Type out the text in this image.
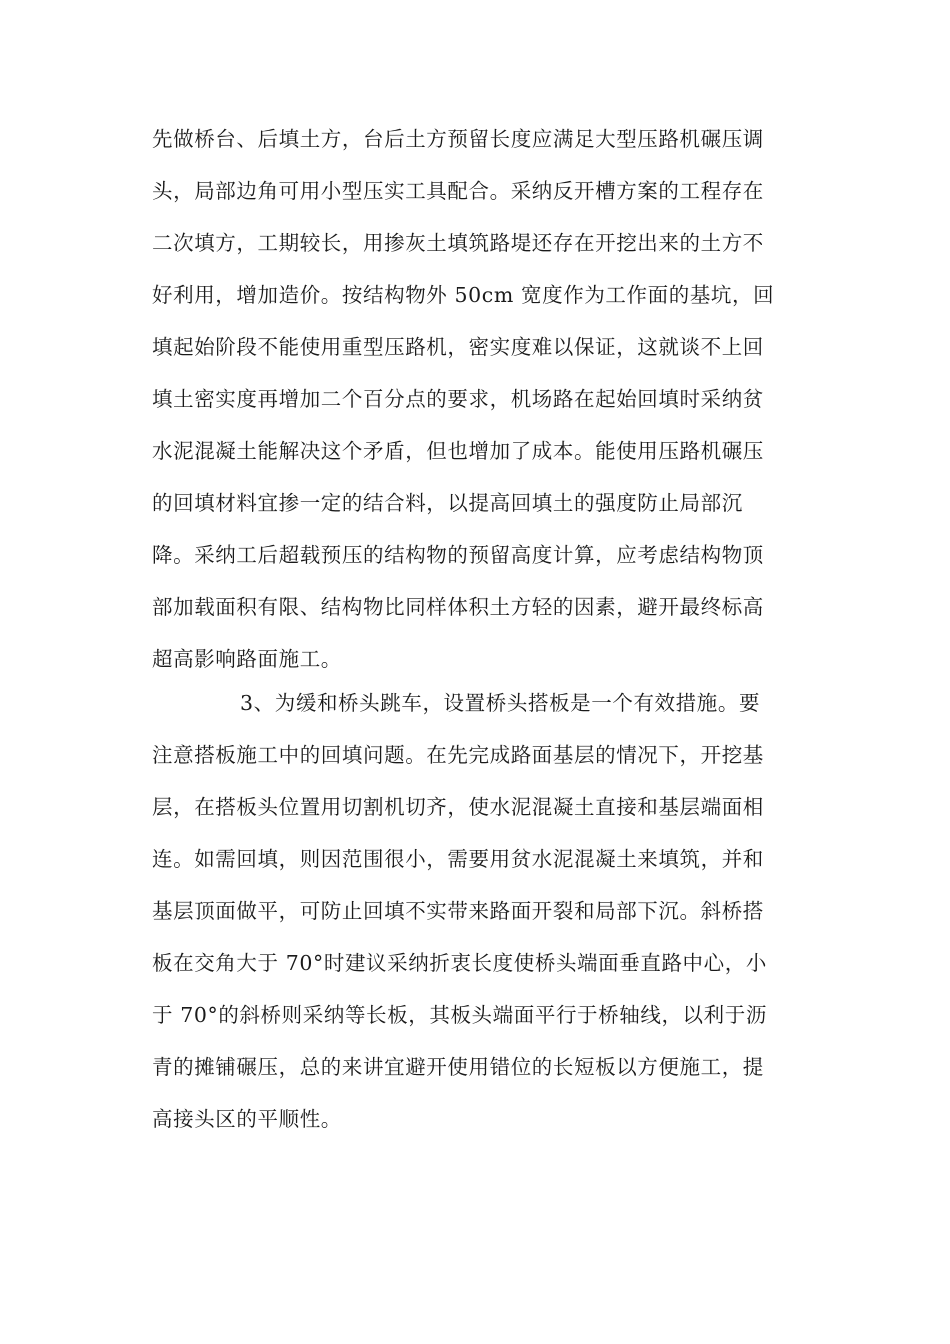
先做桥台、后填土方，台后土方预留长度应满足大型压路机碾压调
头，局部边角可用小型压实工具配合。采纳反开槽方案的工程存在
二次填方，工期较长，用掺灰土填筑路堤还存在开挖出来的土方不
好利用，增加造价。按结构物外 50cm 宽度作为工作面的基坑，回
填起始阶段不能使用重型压路机，密实度难以保证，这就谈不上回
填土密实度再增加二个百分点的要求，机场路在起始回填时采纳贫
水泥混凝土能解决这个矛盾，但也增加了成本。能使用压路机碾压
的回填材料宜掺一定的结合料，以提高回填土的强度防止局部沉
降。采纳工后超载预压的结构物的预留高度计算，应考虑结构物顶
部加载面积有限、结构物比同样体积土方轻的因素，避开最终标高
超高影响路面施工。
3、为缓和桥头跳车，设置桥头搭板是一个有效措施。要
注意搭板施工中的回填问题。在先完成路面基层的情况下，开挖基
层，在搭板头位置用切割机切齐，使水泥混凝土直接和基层端面相
连。如需回填，则因范围很小，需要用贫水泥混凝土来填筑，并和
基层顶面做平，可防止回填不实带来路面开裂和局部下沉。斜桥搭
板在交角大于 70°时建议采纳折衷长度使桥头端面垂直路中心，小
于 70°的斜桥则采纳等长板，其板头端面平行于桥轴线，以利于沥
青的摊铺碾压，总的来讲宜避开使用错位的长短板以方便施工，提
高接头区的平顺性。
